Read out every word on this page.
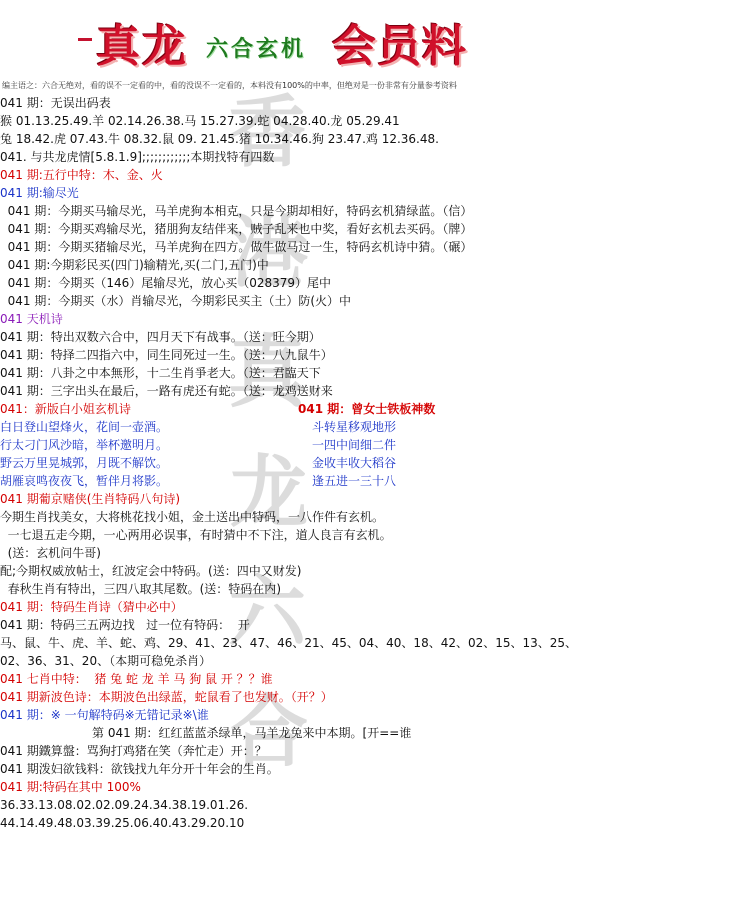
真龙 六合玄机 会员料
编主语之：六合无绝对，看的误不一定看的中，看的没误不一定看的，本料没有100%的中率，但绝对是一份非常有分量参考资料
香
港
真
龙
六
合
041 期：无误出码表
猴 01.13.25.49.羊 02.14.26.38.马 15.27.39.蛇 04.28.40.龙 05.29.41
兔 18.42.虎 07.43.牛 08.32.鼠 09. 21.45.猪 10.34.46.狗 23.47.鸡 12.36.48.
041. 与共龙虎情[5.8.1.9];;;;;;;;;;;;本期找特有四数
041 期:五行中特：木、金、火
041 期:输尽光
041 期：今期买马输尽光，马羊虎狗本相克，只是今期却相好，特码玄机猜绿蓝。（信）
041 期：今期买鸡输尽光，猪朋狗友结伴来，贼子乱来也中奖，看好玄机去买码。（牌）
041 期：今期买猪输尽光，马羊虎狗在四方。做牛做马过一生，特码玄机诗中猜。（碾）
041 期:今期彩民买(四门)输精光,买(二门,五门)中
041 期：今期买（146）尾输尽光，放心买（028379）尾中
041 期：今期买（水）肖输尽光，今期彩民买主（土）防(火）中
041 天机诗
041 期：特出双数六合中，四月天下有战事。（送：旺今期）
041 期：特择二四指六中，同生同死过一生。（送：八九鼠牛）
041 期：八卦之中本無形，十二生肖爭老大。（送：君臨天下
041 期：三字出头在最后，一路有虎还有蛇。（送：龙鸡送财来
041：新版白小姐玄机诗	041 期：曾女士铁板神数
白日登山望烽火，花间一壶酒。	斗转星移观地形
行太刁门风沙暗，举杯邀明月。	一四中间细二件
野云万里晃城郭，月既不解饮。	金收丰收大稻谷
胡雁哀鸣夜夜飞，暂伴月将影。	逢五进一三十八
041 期葡京赌侠(生肖特码八句诗)
今期生肖找美女，大将桃花找小姐，金土送出中特码，一八作件有玄机。
一七退五走今期，一心两用必误事，有时猜中不下注，道人良言有玄机。
(送：玄机问牛哥)
配;今期权威放帖士，红波定会中特码。(送：四中又财发)
春秋生肖有特出，三四八取其尾数。(送：特码在内)
041 期：特码生肖诗（猜中必中）
041 期：特码三五两边找   过一位有特码：  开
马、鼠、牛、虎、羊、蛇、鸡、29、41、23、47、46、21、45、04、40、18、42、02、15、13、25、
02、36、31、20、（本期可稳免杀肖）
041 七肖中特：  猪 兔 蛇 龙 羊 马 狗 鼠 开 ？？谁
041 期新波色诗：本期波色出绿蓝，蛇鼠看了也发财。（开？）
041 期：※ 一句解特码※无错记录※\谁
第 041 期：红红蓝蓝杀绿单，马羊龙兔来中本期。[开==谁
041 期鐵算盤：骂狗打鸡猪在笑（奔忙走）开：？
041 期泼妇欲钱料：欲钱找九年分开十年会的生肖。
041 期:特码在其中 100%
36.33.13.08.02.02.09.24.34.38.19.01.26.
44.14.49.48.03.39.25.06.40.43.29.20.10
